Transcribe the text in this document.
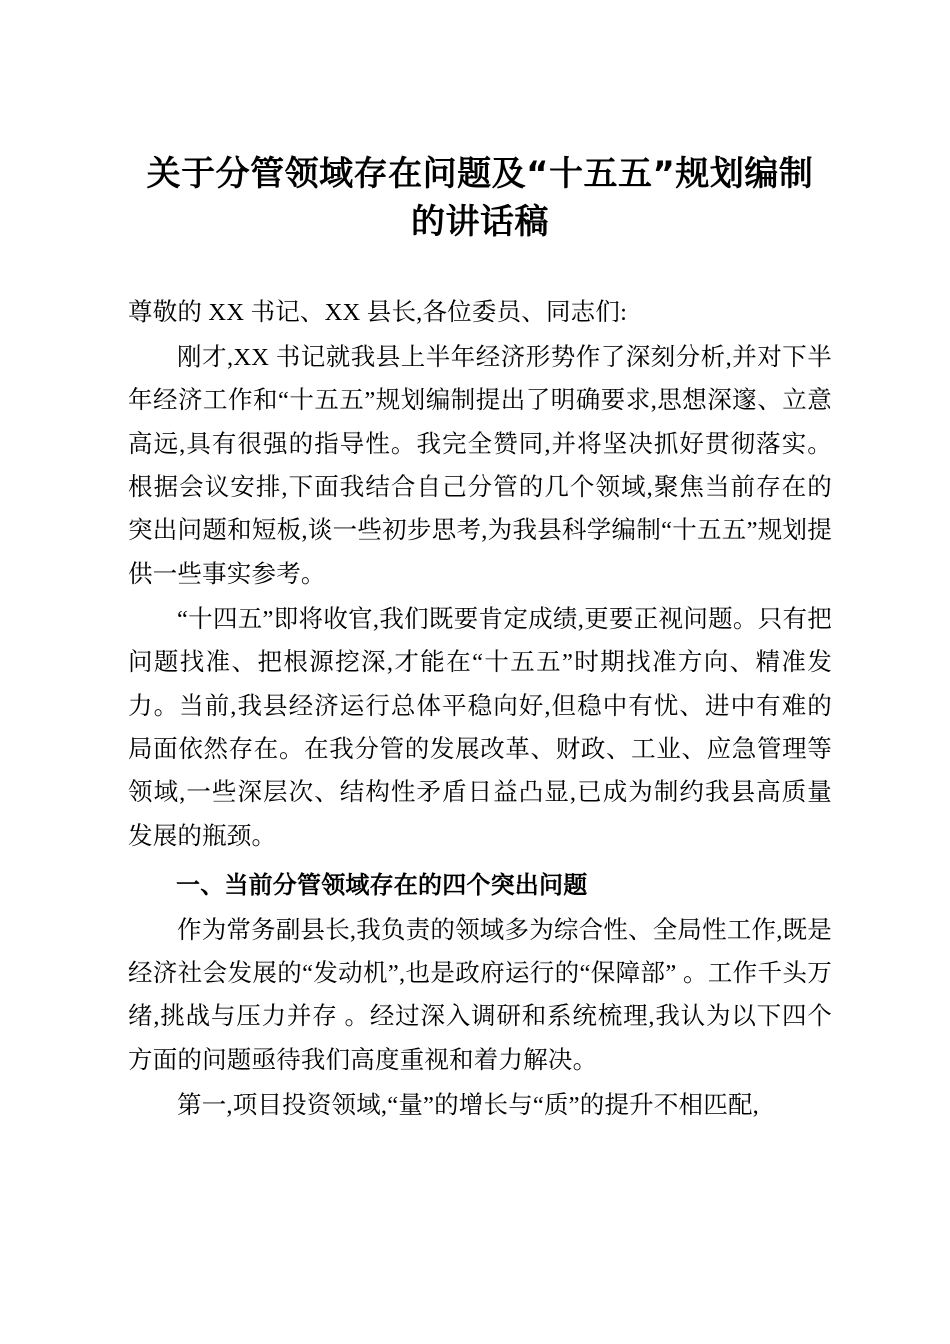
关于分管领域存在问题及“十五五”规划编制的讲话稿

尊敬的 XX 书记、XX 县长,各位委员、同志们:

刚才,XX 书记就我县上半年经济形势作了深刻分析,并对下半年经济工作和“十五五”规划编制提出了明确要求,思想深邃、立意高远,具有很强的指导性。我完全赞同,并将坚决抓好贯彻落实。根据会议安排,下面我结合自己分管的几个领域,聚焦当前存在的突出问题和短板,谈一些初步思考,为我县科学编制“十五五”规划提供一些事实参考。

“十四五”即将收官,我们既要肯定成绩,更要正视问题。只有把问题找准、把根源挖深,才能在“十五五”时期找准方向、精准发力。当前,我县经济运行总体平稳向好,但稳中有忧、进中有难的局面依然存在。在我分管的发展改革、财政、工业、应急管理等领域,一些深层次、结构性矛盾日益凸显,已成为制约我县高质量发展的瓶颈。

一、当前分管领域存在的四个突出问题

作为常务副县长,我负责的领域多为综合性、全局性工作,既是经济社会发展的“发动机”,也是政府运行的“保障部” 。工作千头万绪,挑战与压力并存 。经过深入调研和系统梳理,我认为以下四个方面的问题亟待我们高度重视和着力解决。

第一,项目投资领域,“量”的增长与“质”的提升不相匹配,
